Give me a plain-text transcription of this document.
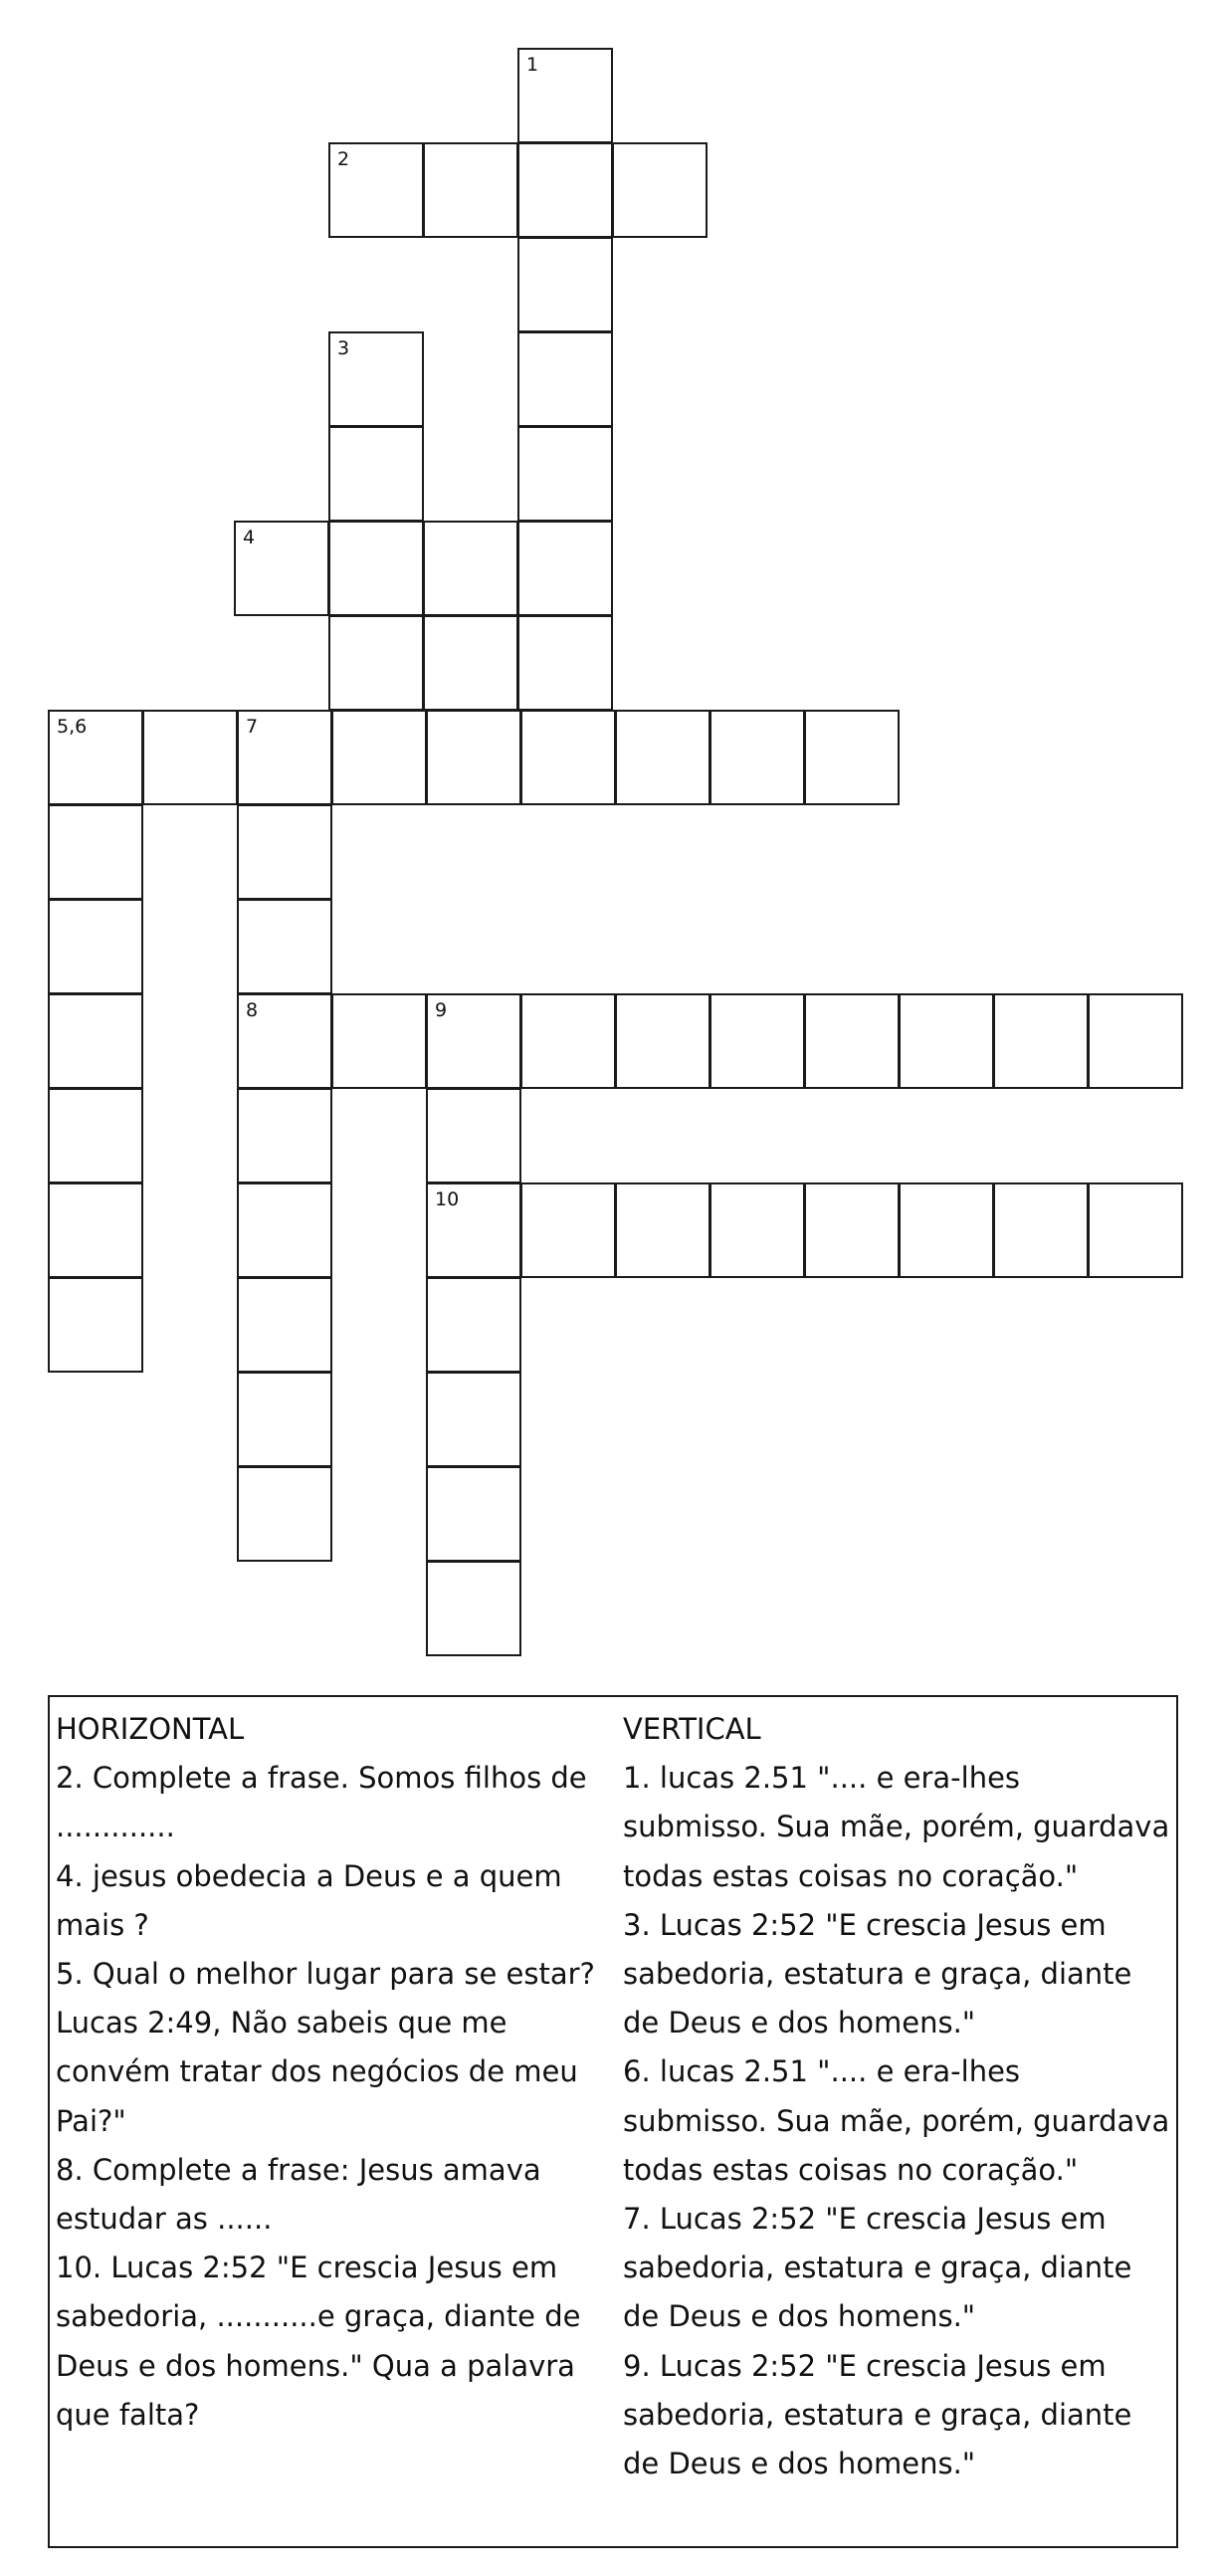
1
2
3
4
5,6	7
8	9
10
HORIZONTAL
2. Complete a frase. Somos filhos de .............
4. jesus obedecia a Deus e a quem mais ?
5. Qual o melhor lugar para se estar? Lucas 2:49, Não sabeis que me convém tratar dos negócios de meu Pai?"
8. Complete a frase: Jesus amava estudar as ......
10. Lucas 2:52 "E crescia Jesus em sabedoria, ...........e graça, diante de Deus e dos homens." Qua a palavra que falta?
VERTICAL
1. lucas 2.51 ".... e era-lhes submisso. Sua mãe, porém, guardava todas estas coisas no coração."
3. Lucas 2:52 "E crescia Jesus em sabedoria, estatura e graça, diante de Deus e dos homens."
6. lucas 2.51 ".... e era-lhes submisso. Sua mãe, porém, guardava todas estas coisas no coração."
7. Lucas 2:52 "E crescia Jesus em sabedoria, estatura e graça, diante de Deus e dos homens."
9. Lucas 2:52 "E crescia Jesus em sabedoria, estatura e graça, diante de Deus e dos homens."
